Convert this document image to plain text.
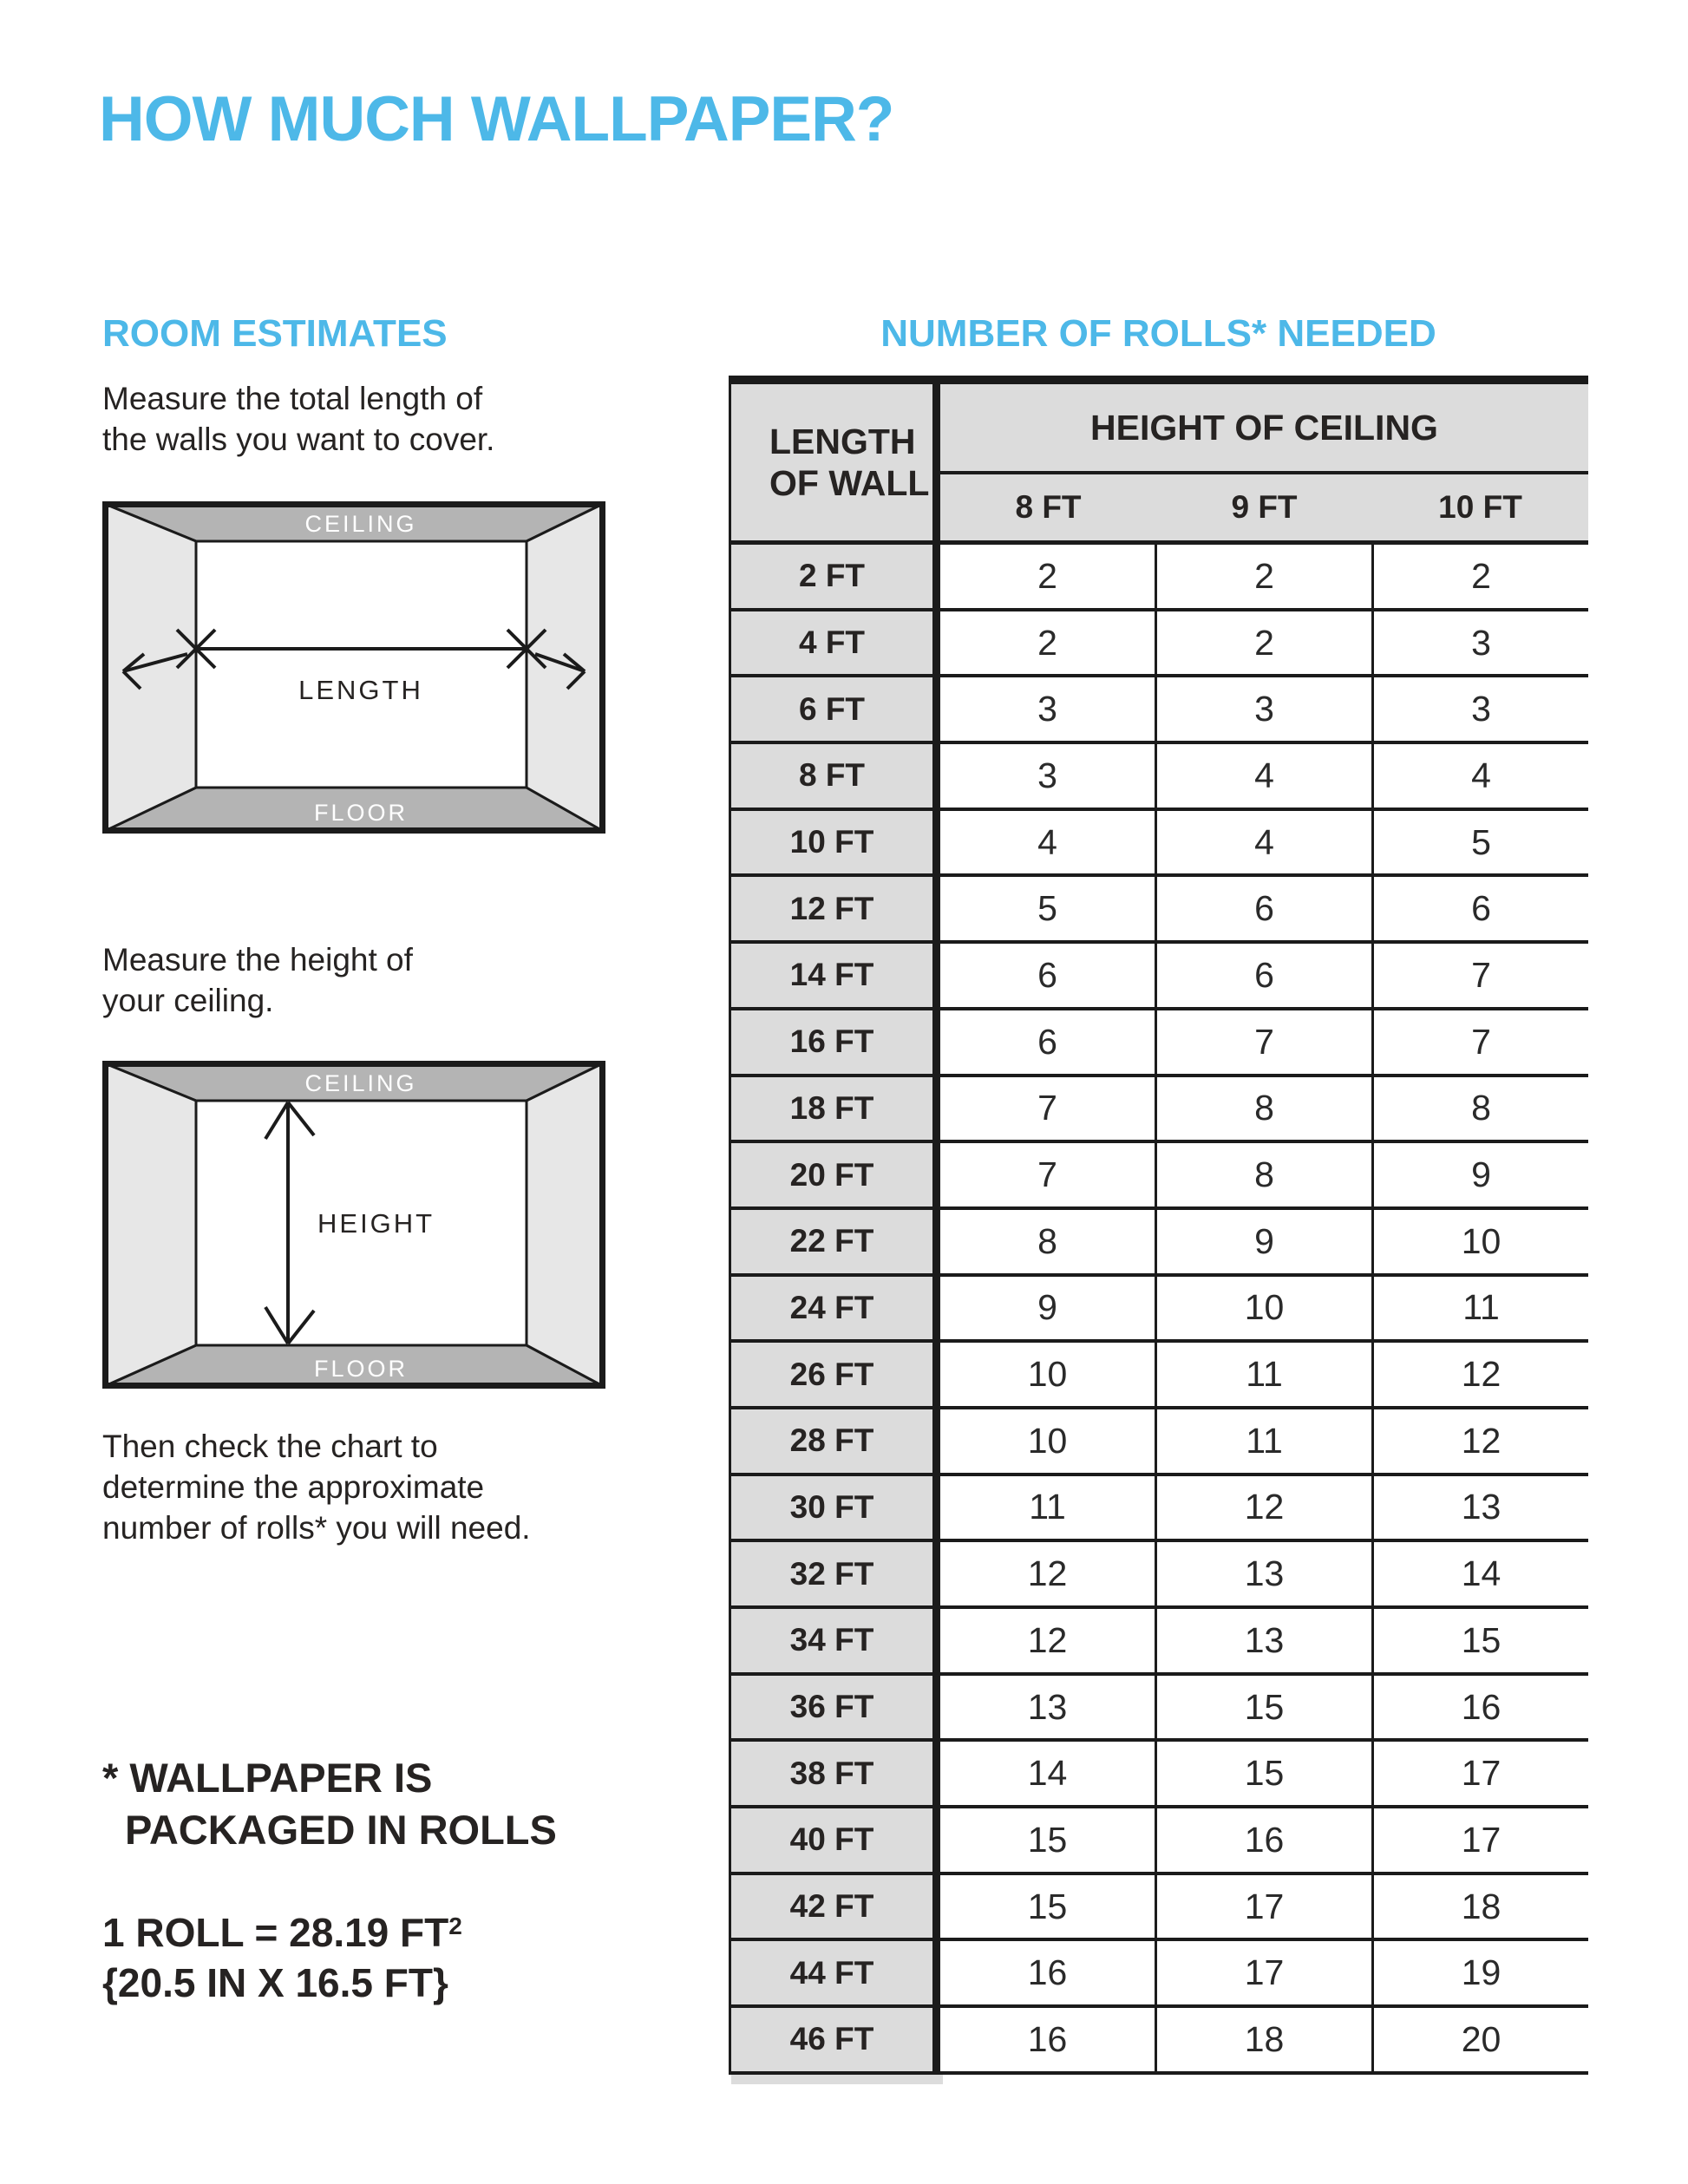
HOW MUCH WALLPAPER?
ROOM ESTIMATES	NUMBER OF ROLLS* NEEDED
Measure the total length of
the walls you want to cover.
CEILING
FLOOR
LENGTH
Measure the height of
your ceiling.
CEILING
FLOOR
HEIGHT
Then check the chart to
determine the approximate
number of rolls* you will need.
* WALLPAPER IS
PACKAGED IN ROLLS
1 ROLL = 28.19 $FT^2$
{20.5 IN X 16.5 FT}
LENGTH
OF WALL
HEIGHT OF CEILING
8 FT	9 FT	10 FT
2 FT	2	2	2
4 FT	2	2	3
6 FT	3	3	3
8 FT	3	4	4
10 FT	4	4	5
12 FT	5	6	6
14 FT	6	6	7
16 FT	6	7	7
18 FT	7	8	8
20 FT	7	8	9
22 FT	8	9	10
24 FT	9	10	11
26 FT	10	11	12
28 FT	10	11	12
30 FT	11	12	13
32 FT	12	13	14
34 FT	12	13	15
36 FT	13	15	16
38 FT	14	15	17
40 FT	15	16	17
42 FT	15	17	18
44 FT	16	17	19
46 FT	16	18	20
